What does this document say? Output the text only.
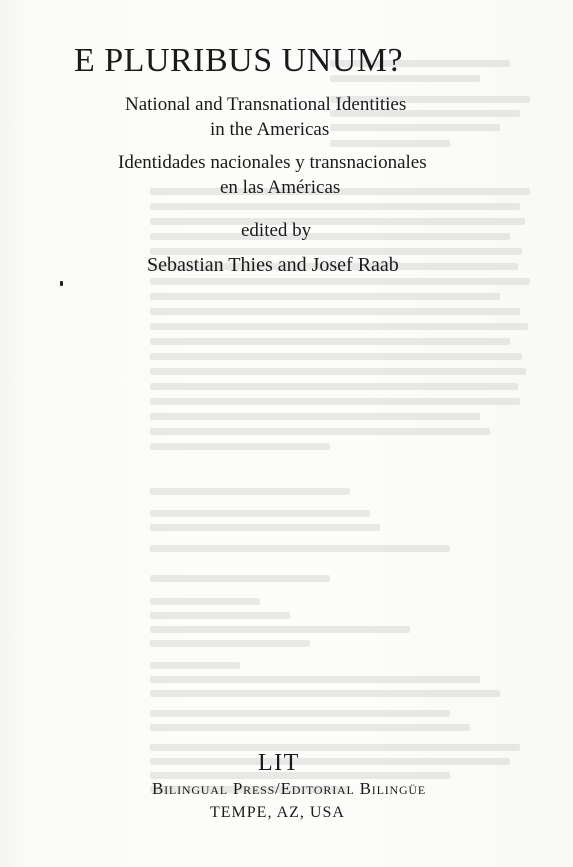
E PLURIBUS UNUM?
National and Transnational Identities
in the Americas
Identidades nacionales y transnacionales
en las Américas
edited by
Sebastian Thies and Josef Raab
LIT
Bilingual Press/Editorial Bilingüe
TEMPE, AZ, USA
